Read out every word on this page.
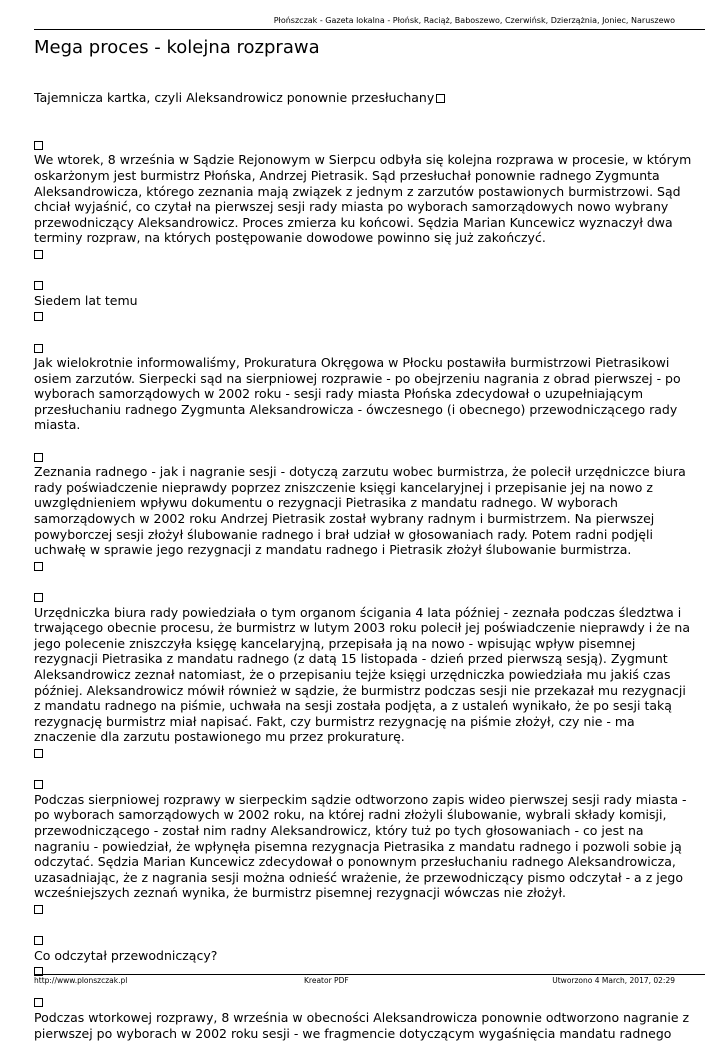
Płońszczak - Gazeta lokalna - Płońsk, Raciąż, Baboszewo, Czerwińsk, Dzierzążnia, Joniec, Naruszewo
Mega proces - kolejna rozprawa

Tajemnicza kartka, czyli Aleksandrowicz ponownie przesłuchany

We wtorek, 8 września w Sądzie Rejonowym w Sierpcu odbyła się kolejna rozprawa w procesie, w którym oskarżonym jest burmistrz Płońska, Andrzej Pietrasik. Sąd przesłuchał ponownie radnego Zygmunta Aleksandrowicza, którego zeznania mają związek z jednym z zarzutów postawionych burmistrzowi. Sąd chciał wyjaśnić, co czytał na pierwszej sesji rady miasta po wyborach samorządowych nowo wybrany przewodniczący Aleksandrowicz. Proces zmierza ku końcowi. Sędzia Marian Kuncewicz wyznaczył dwa terminy rozpraw, na których postępowanie dowodowe powinno się już zakończyć.

Siedem lat temu

Jak wielokrotnie informowaliśmy, Prokuratura Okręgowa w Płocku postawiła burmistrzowi Pietrasikowi osiem zarzutów. Sierpecki sąd na sierpniowej rozprawie - po obejrzeniu nagrania z obrad pierwszej - po wyborach samorządowych w 2002 roku - sesji rady miasta Płońska zdecydował o uzupełniającym przesłuchaniu radnego Zygmunta Aleksandrowicza - ówczesnego (i obecnego) przewodniczącego rady miasta.

Zeznania radnego - jak i nagranie sesji - dotyczą zarzutu wobec burmistrza, że polecił urzędniczce biura rady poświadczenie nieprawdy poprzez zniszczenie księgi kancelaryjnej i przepisanie jej na nowo z uwzględnieniem wpływu dokumentu o rezygnacji Pietrasika z mandatu radnego. W wyborach samorządowych w 2002 roku Andrzej Pietrasik został wybrany radnym i burmistrzem. Na pierwszej powyborczej sesji złożył ślubowanie radnego i brał udział w głosowaniach rady. Potem radni podjęli uchwałę w sprawie jego rezygnacji z mandatu radnego i Pietrasik złożył ślubowanie burmistrza.

Urzędniczka biura rady powiedziała o tym organom ścigania 4 lata później - zeznała podczas śledztwa i trwającego obecnie procesu, że burmistrz w lutym 2003 roku polecił jej poświadczenie nieprawdy i że na jego polecenie zniszczyła księgę kancelaryjną, przepisała ją na nowo - wpisując wpływ pisemnej rezygnacji Pietrasika z mandatu radnego (z datą 15 listopada - dzień przed pierwszą sesją). Zygmunt Aleksandrowicz zeznał natomiast, że o przepisaniu tejże księgi urzędniczka powiedziała mu jakiś czas później. Aleksandrowicz mówił również w sądzie, że burmistrz podczas sesji nie przekazał mu rezygnacji z mandatu radnego na piśmie, uchwała na sesji została podjęta, a z ustaleń wynikało, że po sesji taką rezygnację burmistrz miał napisać. Fakt, czy burmistrz rezygnację na piśmie złożył, czy nie - ma znaczenie dla zarzutu postawionego mu przez prokuraturę.

Podczas sierpniowej rozprawy w sierpeckim sądzie odtworzono zapis wideo pierwszej sesji rady miasta - po wyborach samorządowych w 2002 roku, na której radni złożyli ślubowanie, wybrali składy komisji, przewodniczącego - został nim radny Aleksandrowicz, który tuż po tych głosowaniach - co jest na nagraniu - powiedział, że wpłynęła pisemna rezygnacja Pietrasika z mandatu radnego i pozwoli sobie ją odczytać. Sędzia Marian Kuncewicz zdecydował o ponownym przesłuchaniu radnego Aleksandrowicza, uzasadniając, że z nagrania sesji można odnieść wrażenie, że przewodniczący pismo odczytał - a z jego wcześniejszych zeznań wynika, że burmistrz pisemnej rezygnacji wówczas nie złożył.

Co odczytał przewodniczący?

Podczas wtorkowej rozprawy, 8 września w obecności Aleksandrowicza ponownie odtworzono nagranie z pierwszej po wyborach w 2002 roku sesji - we fragmencie dotyczącym wygaśnięcia mandatu radnego

http://www.plonszczak.pl	Kreator PDF	Utworzono 4 March, 2017, 02:29
